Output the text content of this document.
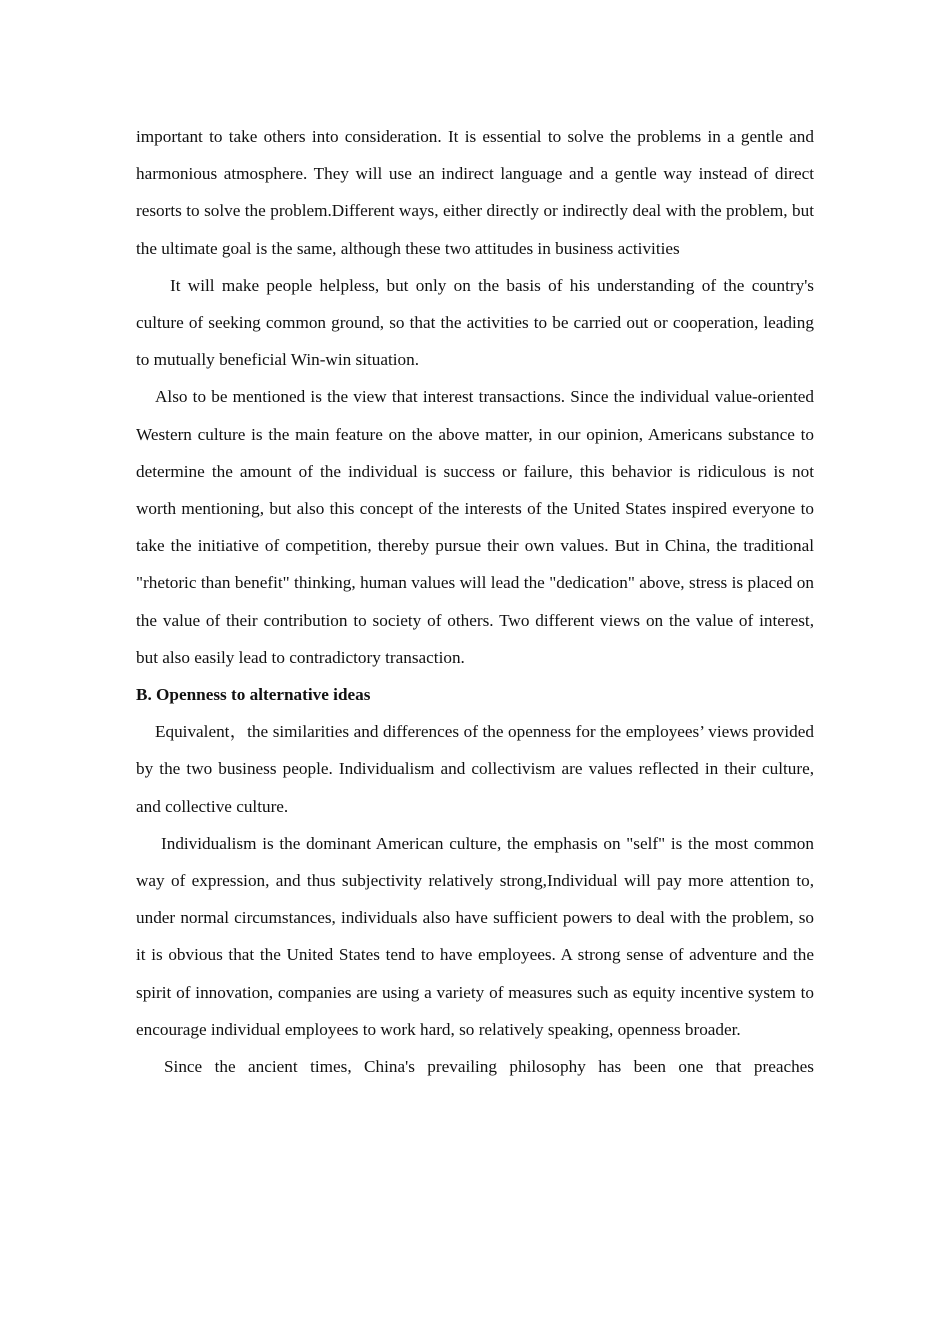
important to take others into consideration. It is essential to solve the problems in a gentle and harmonious atmosphere. They will use an indirect language and a gentle way instead of direct resorts to solve the problem.Different ways, either directly or indirectly deal with the problem, but the ultimate goal is the same, although these two attitudes in business activities

It will make people helpless, but only on the basis of his understanding of the country's culture of seeking common ground, so that the activities to be carried out or cooperation, leading to mutually beneficial Win-win situation.

Also to be mentioned is the view that interest transactions. Since the individual value-oriented Western culture is the main feature on the above matter, in our opinion, Americans substance to determine the amount of the individual is success or failure, this behavior is ridiculous is not worth mentioning, but also this concept of the interests of the United States inspired everyone to take the initiative of competition, thereby pursue their own values. But in China, the traditional "rhetoric than benefit" thinking, human values will lead the "dedication" above, stress is placed on the value of their contribution to society of others. Two different views on the value of interest, but also easily lead to contradictory transaction.

B. Openness to alternative ideas

Equivalent，the similarities and differences of the openness for the employees’ views provided by the two business people. Individualism and collectivism are values reflected in their culture, and collective culture.

Individualism is the dominant American culture, the emphasis on "self" is the most common way of expression, and thus subjectivity relatively strong,Individual will pay more attention to, under normal circumstances, individuals also have sufficient powers to deal with the problem, so it is obvious that the United States tend to have employees. A strong sense of adventure and the spirit of innovation, companies are using a variety of measures such as equity incentive system to encourage individual employees to work hard, so relatively speaking, openness broader.

Since the ancient times, China's prevailing philosophy has been one that preaches
